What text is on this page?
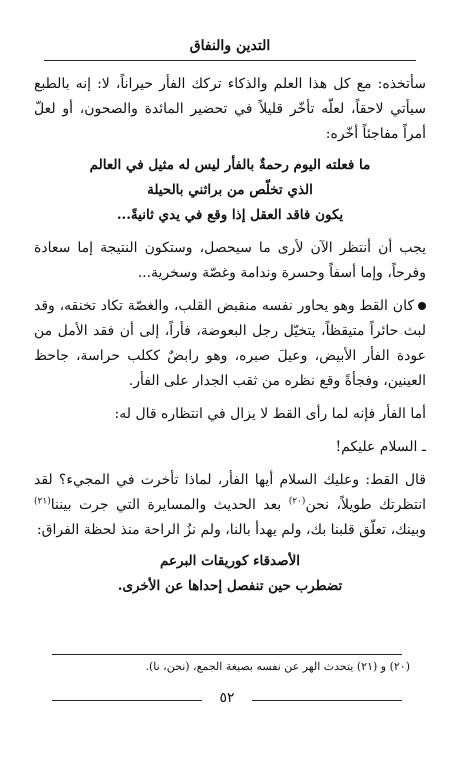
التدين والنفاق

سأتخذه: مع كل هذا العلم والذكاء تركك الفأر حيراناً، لا: إنه بالطبع سيأتي لاحقاً، لعلّه تأخّر قليلاً في تحضير المائدة والصحون، أو لعلّ أمراً مفاجئاً أخّره:

ما فعلته اليوم رحمةٌ بالفأر ليس له مثيل في العالم
الذي تخلّص من براثني بالحيلة
يكون فاقد العقل إذا وقع في يدي ثانيةً...

يجب أن أنتظر الآن لأرى ما سيحصل، وستكون النتيجة إما سعادة وفرحاً، وإما أسفاً وحسرة وندامة وغصّة وسخرية...

كان القط وهو يحاور نفسه منقبض القلب، والغصّة تكاد تخنقه، وقد لبث حائراً متيقظاً، يتخيّل رجل البعوضة، فأراً، إلى أن فقد الأمل من عودة الفأر الأبيض، وعيلَ صبره، وهو رابضٌ ككلب حراسة، جاحظ العينين، وفجأةً وقع نظره من ثقب الجدار على الفأر.

أما الفأر فإنه لما رأى القط لا يزال في انتظاره قال له:

ـ السلام عليكم!

قال القط: وعليك السلام أيها الفأر، لماذا تأخرت في المجيء؟ لقد انتظرتك طويلاً، نحن$^{(٢٠)}$ بعد الحديث والمسايرة التي جرت بيننا$^{(٢١)}$ وبينك، تعلّق قلبنا بك، ولم يهدأ بالنا، ولم نزُ الراحة منذ لحظة الفراق:

الأصدقاء كوريقات البرعم
تضطرب حين تنفصل إحداها عن الأخرى.
(٢٠) و (٢١) يتحدث الهر عن نفسه بصيغة الجمع، (نحن، نا).
٥٢
